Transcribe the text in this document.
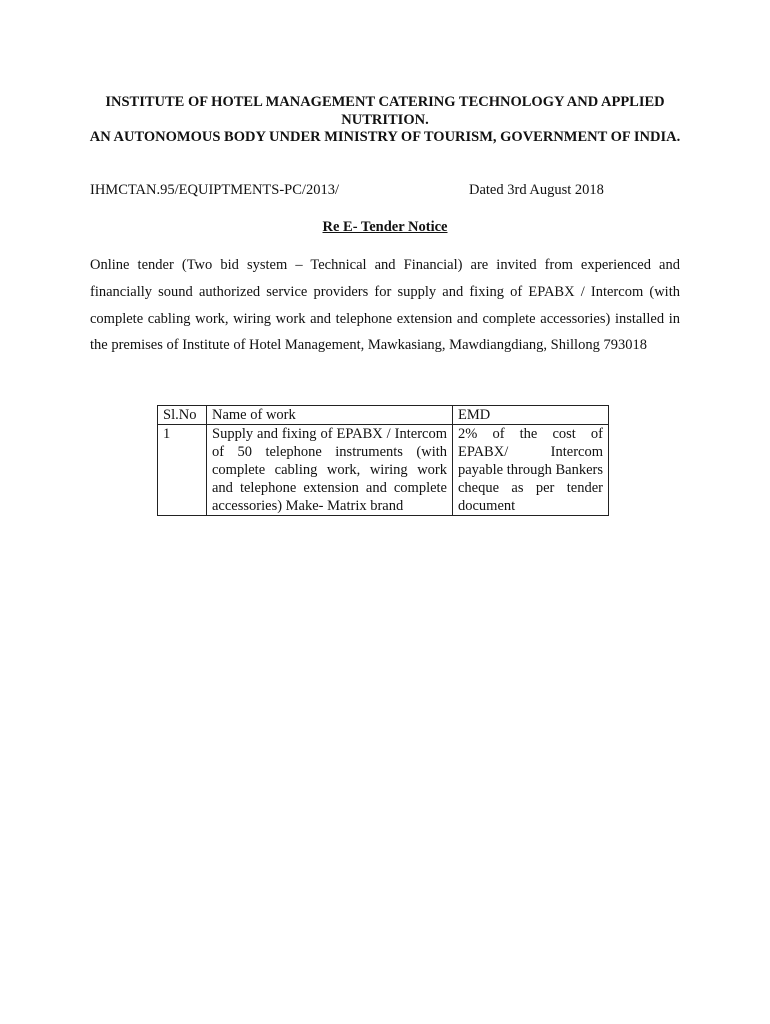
INSTITUTE OF HOTEL MANAGEMENT CATERING TECHNOLOGY AND APPLIED NUTRITION.
AN AUTONOMOUS BODY UNDER MINISTRY OF TOURISM, GOVERNMENT OF INDIA.
IHMCTAN.95/EQUIPTMENTS-PC/2013/	Dated 3rd August 2018
Re E- Tender Notice
Online tender (Two bid system – Technical and Financial) are invited from experienced and financially sound authorized service providers for supply and fixing of EPABX / Intercom (with complete cabling work, wiring work and telephone extension and complete accessories) installed in the premises of Institute of Hotel Management, Mawkasiang, Mawdiangdiang, Shillong 793018
Sl.No	Name of work	EMD
1	Supply and fixing of EPABX / Intercom of 50 telephone instruments (with complete cabling work, wiring work and telephone extension and complete accessories) Make- Matrix brand	2% of the cost of EPABX/ Intercom payable through Bankers cheque as per tender document
